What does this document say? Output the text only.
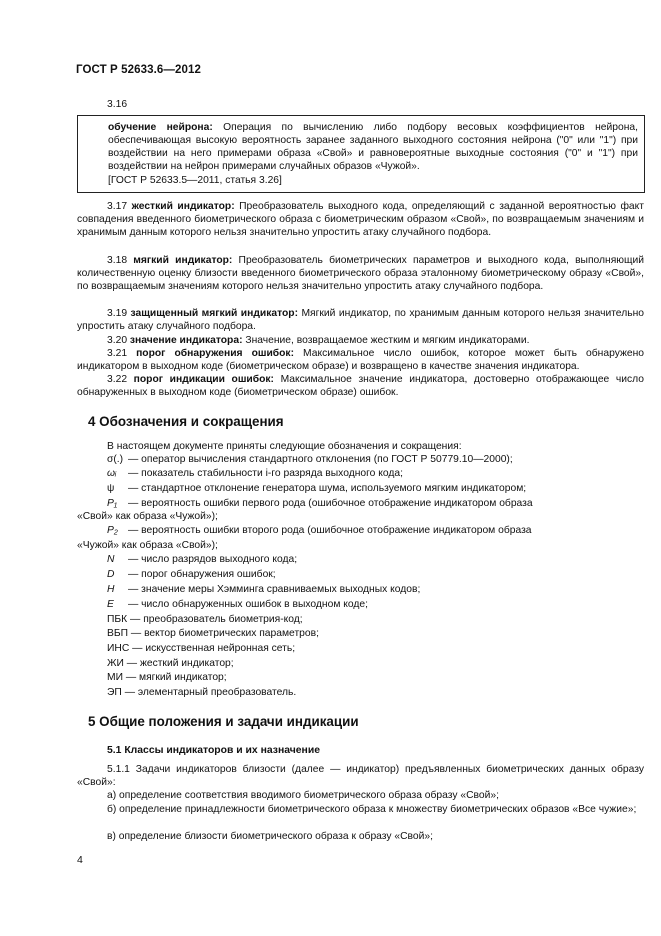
ГОСТ Р 52633.6—2012
3.16
обучение нейрона: Операция по вычислению либо подбору весовых коэффициентов нейрона, обеспечивающая высокую вероятность заранее заданного выходного состояния нейрона ("0" или "1") при воздействии на него примерами образа «Свой» и равновероятные выходные состояния ("0" и "1") при воздействии на нейрон примерами случайных образов «Чужой».
[ГОСТ Р 52633.5—2011, статья 3.26]
3.17 жесткий индикатор: Преобразователь выходного кода, определяющий с заданной вероятностью факт совпадения введенного биометрического образа с биометрическим образом «Свой», по возвращаемым значениям и хранимым данным которого нельзя значительно упростить атаку случайного подбора.
3.18 мягкий индикатор: Преобразователь биометрических параметров и выходного кода, выполняющий количественную оценку близости введенного биометрического образа эталонному биометрическому образу «Свой», по возвращаемым значениям которого нельзя значительно упростить атаку случайного подбора.
3.19 защищенный мягкий индикатор: Мягкий индикатор, по хранимым данным которого нельзя значительно упростить атаку случайного подбора.
3.20 значение индикатора: Значение, возвращаемое жестким и мягким индикаторами.
3.21 порог обнаружения ошибок: Максимальное число ошибок, которое может быть обнаружено индикатором в выходном коде (биометрическом образе) и возвращено в качестве значения индикатора.
3.22 порог индикации ошибок: Максимальное значение индикатора, достоверно отображающее число обнаруженных в выходном коде (биометрическом образе) ошибок.
4 Обозначения и сокращения
В настоящем документе приняты следующие обозначения и сокращения:
σ(.) — оператор вычисления стандартного отклонения (по ГОСТ Р 50779.10—2000);
ωᵢ — показатель стабильности i-го разряда выходного кода;
ψ — стандартное отклонение генератора шума, используемого мягким индикатором;
P₁ — вероятность ошибки первого рода (ошибочное отображение индикатором образа
«Свой» как образа «Чужой»);
P₂ — вероятность ошибки второго рода (ошибочное отображение индикатором образа
«Чужой» как образа «Свой»);
N — число разрядов выходного кода;
D — порог обнаружения ошибок;
H — значение меры Хэмминга сравниваемых выходных кодов;
E — число обнаруженных ошибок в выходном коде;
ПБК — преобразователь биометрия-код;
ВБП — вектор биометрических параметров;
ИНС — искусственная нейронная сеть;
ЖИ — жесткий индикатор;
МИ — мягкий индикатор;
ЭП — элементарный преобразователь.
5 Общие положения и задачи индикации
5.1 Классы индикаторов и их назначение
5.1.1 Задачи индикаторов близости (далее — индикатор) предъявленных биометрических данных образу «Свой»:
а) определение соответствия вводимого биометрического образа образу «Свой»;
б) определение принадлежности биометрического образа к множеству биометрических образов «Все чужие»;
в) определение близости биометрического образа к образу «Свой»;
4
